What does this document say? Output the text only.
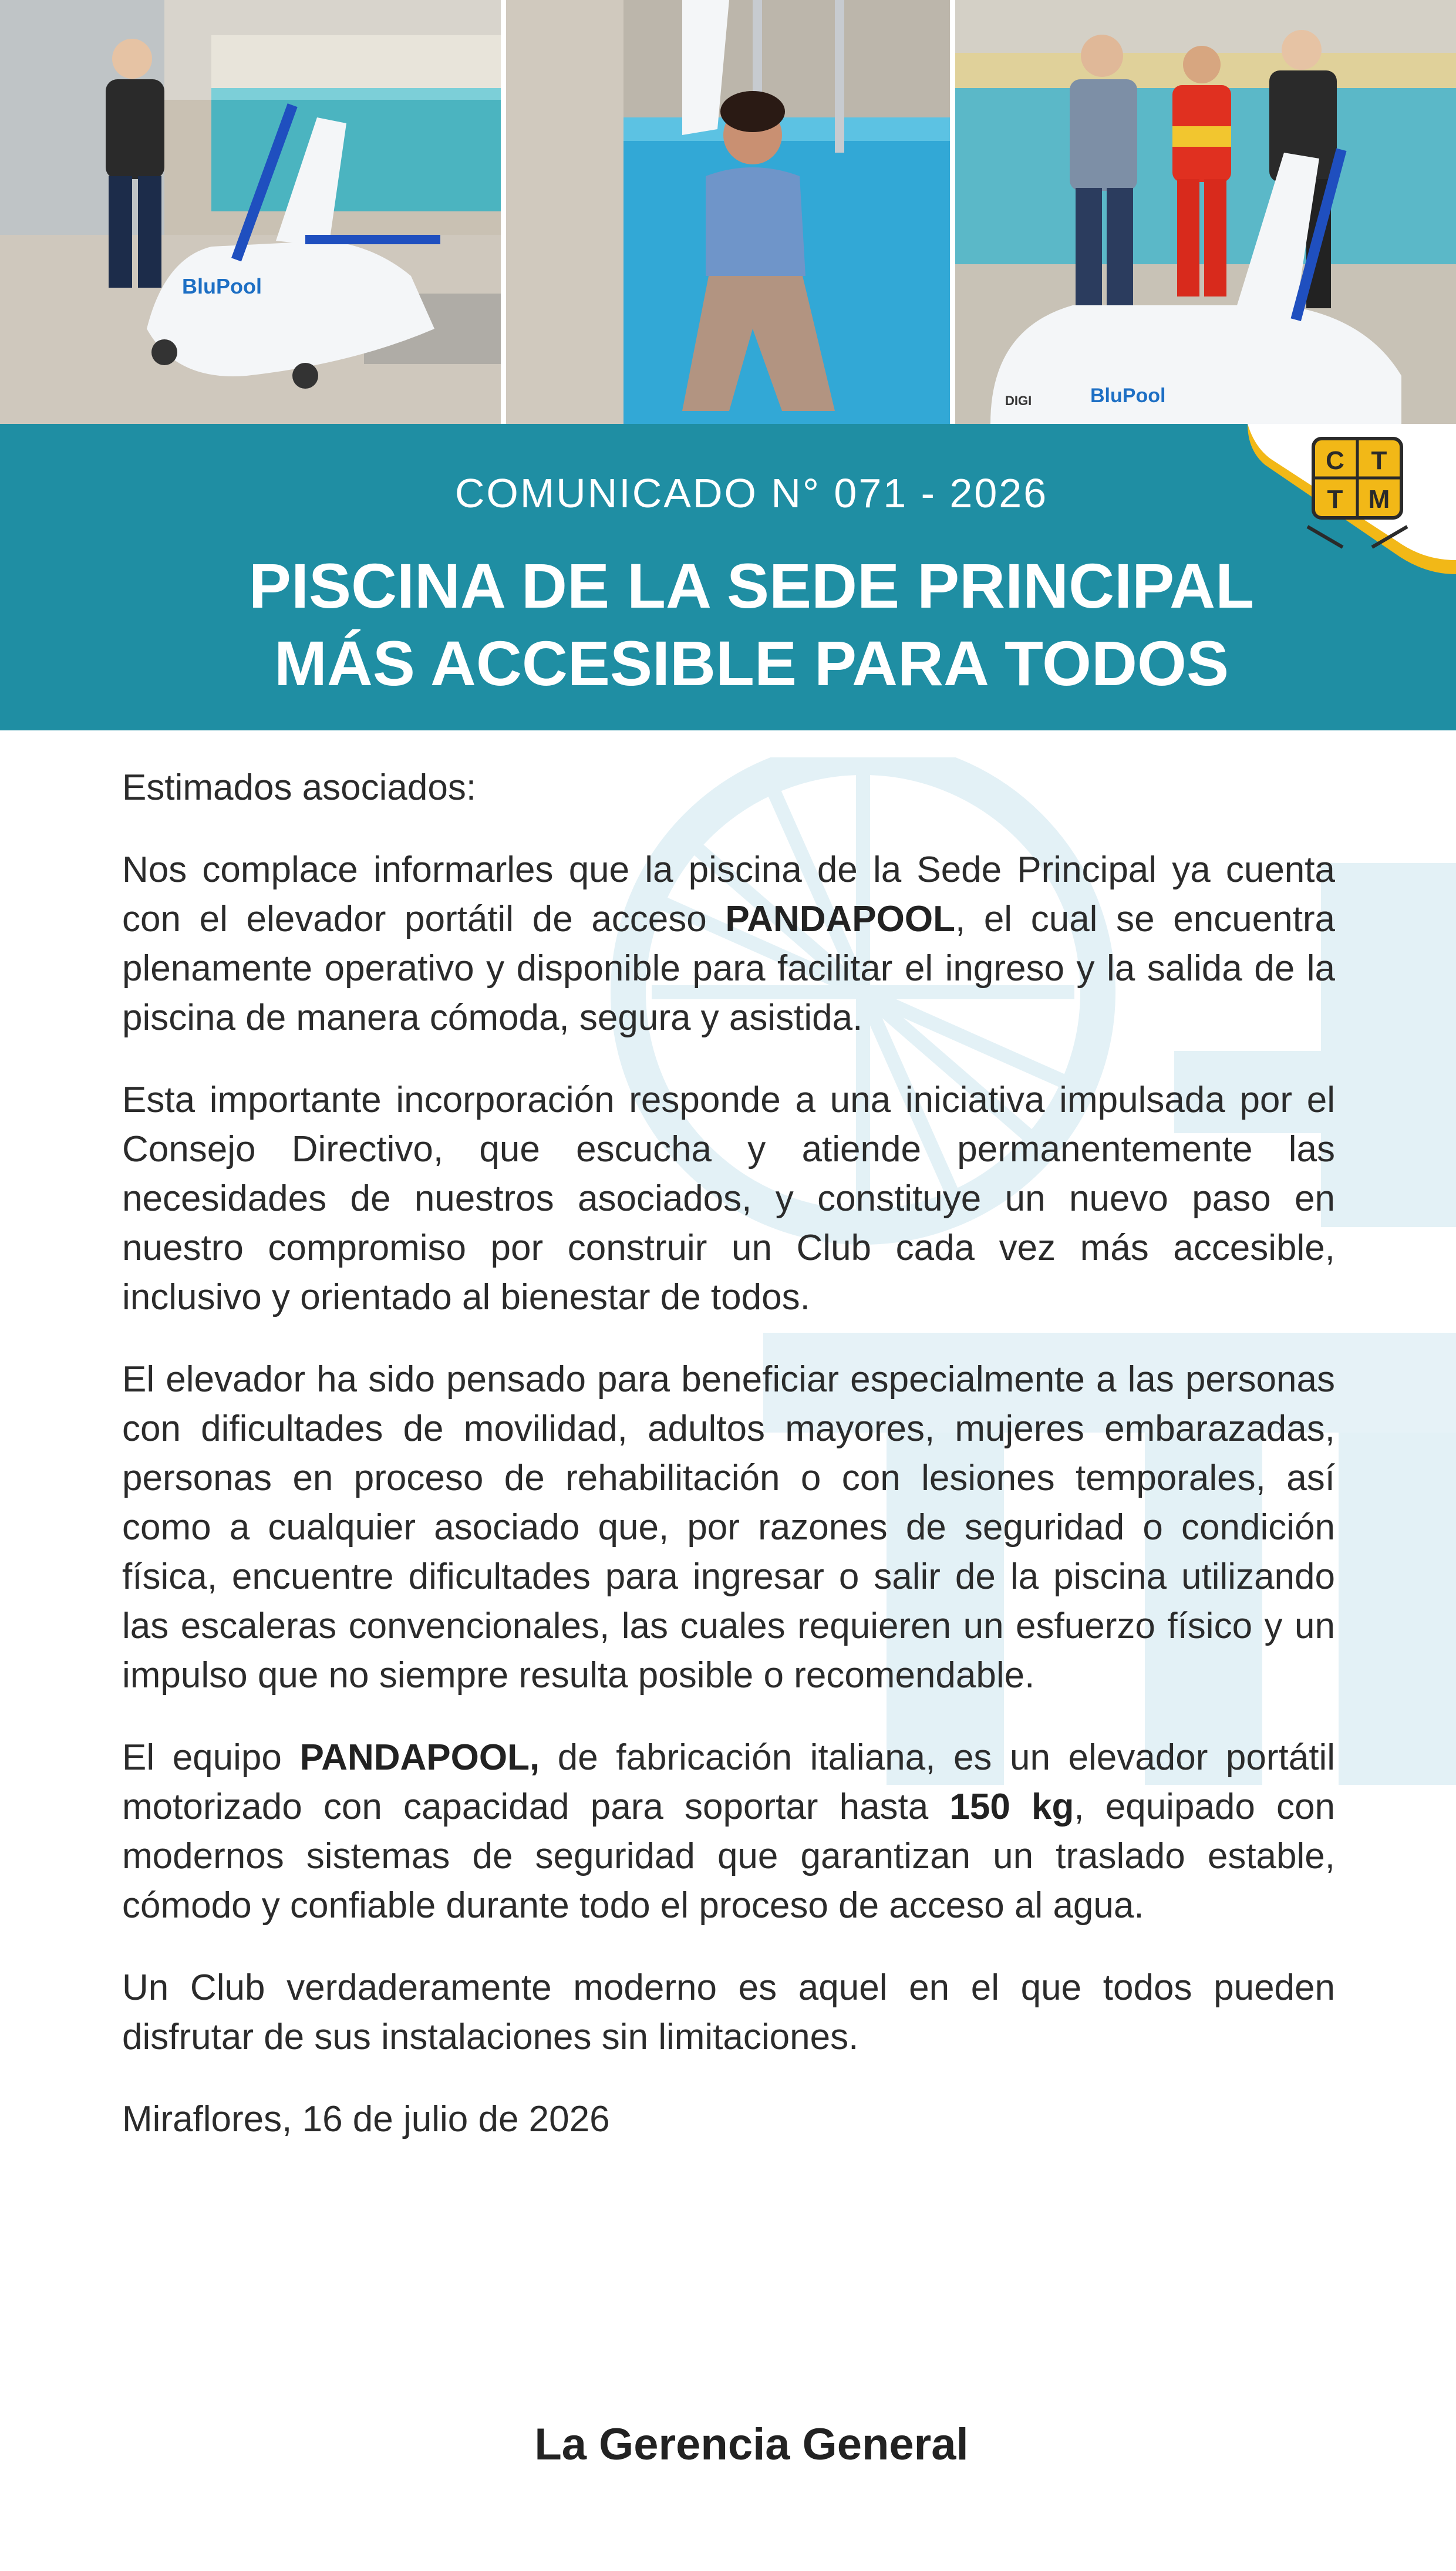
BluPool
BluPool
DIGI
COMUNICADO N° 071 - 2026
PISCINA DE LA SEDE PRINCIPAL
MÁS ACCESIBLE PARA TODOS
C T
T M

Estimados asociados:

Nos complace informarles que la piscina de la Sede Principal ya cuenta con el elevador portátil de acceso PANDAPOOL, el cual se encuentra plenamente operativo y disponible para facilitar el ingreso y la salida de la piscina de manera cómoda, segura y asistida.

Esta importante incorporación responde a una iniciativa impulsada por el Consejo Directivo, que escucha y atiende permanentemente las necesidades de nuestros asociados, y constituye un nuevo paso en nuestro compromiso por construir un Club cada vez más accesible, inclusivo y orientado al bienestar de todos.

El elevador ha sido pensado para beneficiar especialmente a las personas con dificultades de movilidad, adultos mayores, mujeres embarazadas, personas en proceso de rehabilitación o con lesiones temporales, así como a cualquier asociado que, por razones de seguridad o condición física, encuentre dificultades para ingresar o salir de la piscina utilizando las escaleras convencionales, las cuales requieren un esfuerzo físico y un impulso que no siempre resulta posible o recomendable.

El equipo PANDAPOOL, de fabricación italiana, es un elevador portátil motorizado con capacidad para soportar hasta 150 kg, equipado con modernos sistemas de seguridad que garantizan un traslado estable, cómodo y confiable durante todo el proceso de acceso al agua.

Un Club verdaderamente moderno es aquel en el que todos pueden disfrutar de sus instalaciones sin limitaciones.

Miraflores, 16 de julio de 2026

La Gerencia General
